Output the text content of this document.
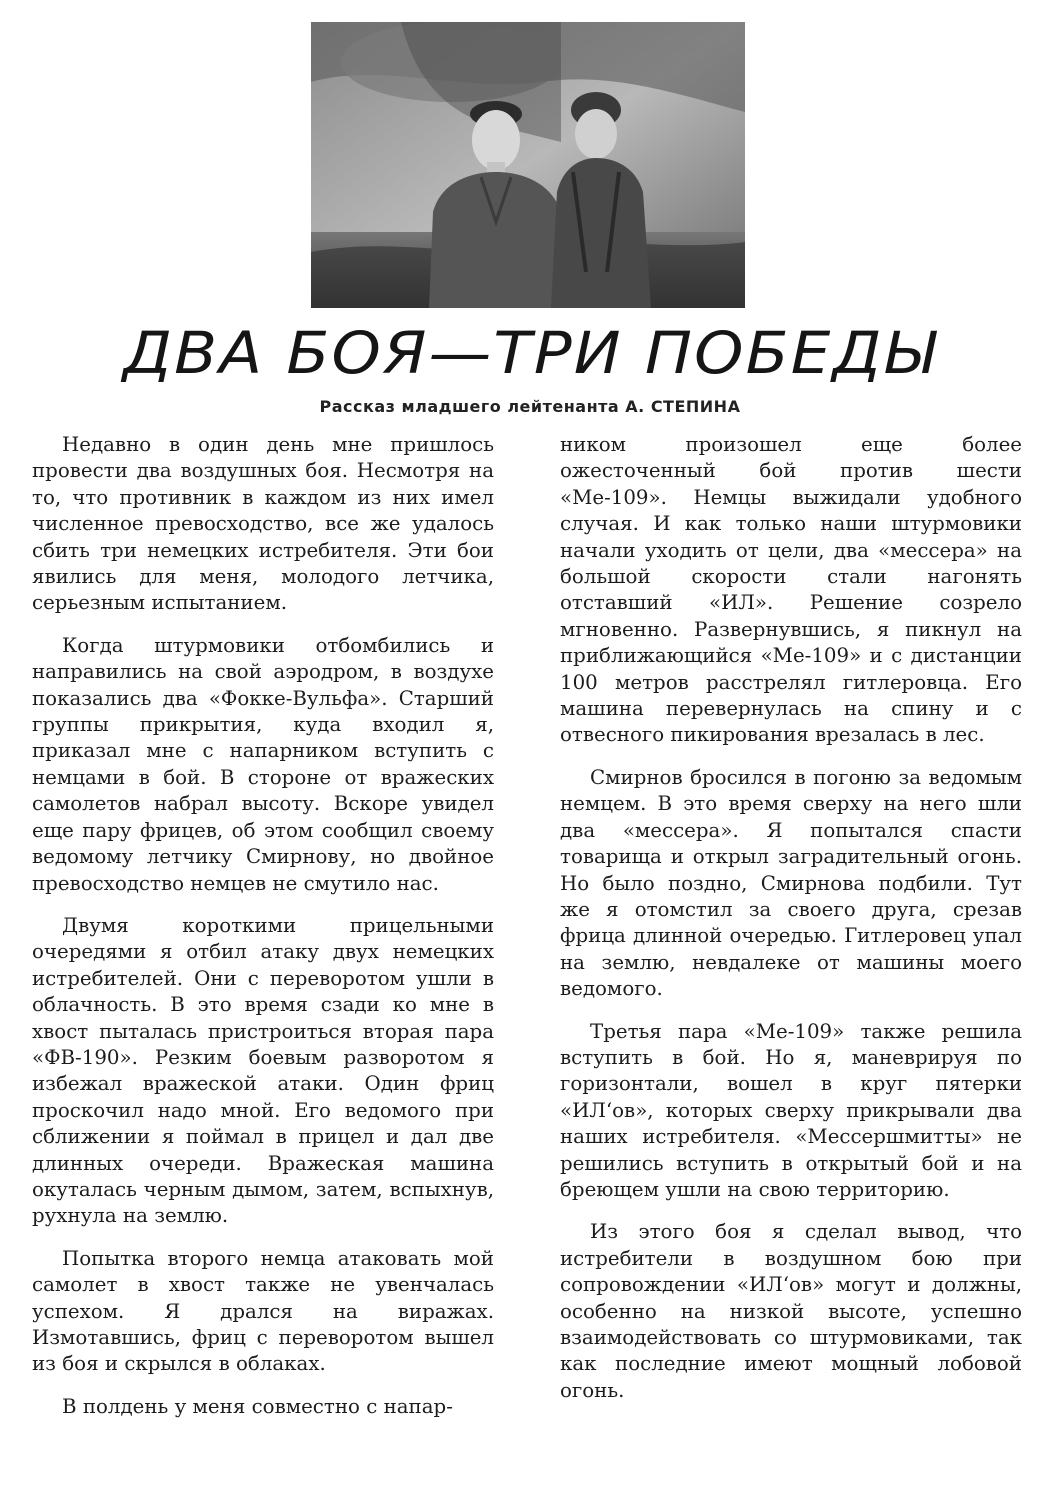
ДВА БОЯ—ТРИ ПОБЕДЫ
Рассказ младшего лейтенанта А. СТЕПИНА

Недавно в один день мне пришлось провести два воздушных боя. Несмотря на то, что противник в каждом из них имел численное превосходство, все же удалось сбить три немецких истребителя. Эти бои явились для меня, молодого летчика, серьезным испытанием.

Когда штурмовики отбомбились и направились на свой аэродром, в воздухе показались два «Фокке-Вульфа». Старший группы прикрытия, куда входил я, приказал мне с напарником вступить с немцами в бой. В стороне от вражеских самолетов набрал высоту. Вскоре увидел еще пару фрицев, об этом сообщил своему ведомому летчику Смирнову, но двойное превосходство немцев не смутило нас.

Двумя короткими прицельными очередями я отбил атаку двух немецких истребителей. Они с переворотом ушли в облачность. В это время сзади ко мне в хвост пыталась пристроиться вторая пара «ФВ-190». Резким боевым разворотом я избежал вражеской атаки. Один фриц проскочил надо мной. Его ведомого при сближении я поймал в прицел и дал две длинных очереди. Вражеская машина окуталась черным дымом, затем, вспыхнув, рухнула на землю.

Попытка второго немца атаковать мой самолет в хвост также не увенчалась успехом. Я дрался на виражах. Измотавшись, фриц с переворотом вышел из боя и скрылся в облаках.

В полдень у меня совместно с напар-

ником произошел еще более ожесточенный бой против шести «Ме-109». Немцы выжидали удобного случая. И как только наши штурмовики начали уходить от цели, два «мессера» на большой скорости стали нагонять отставший «ИЛ». Решение созрело мгновенно. Развернувшись, я пикнул на приближающийся «Ме-109» и с дистанции 100 метров расстрелял гитлеровца. Его машина перевернулась на спину и с отвесного пикирования врезалась в лес.

Смирнов бросился в погоню за ведомым немцем. В это время сверху на него шли два «мессера». Я попытался спасти товарища и открыл заградительный огонь. Но было поздно, Смирнова подбили. Тут же я отомстил за своего друга, срезав фрица длинной очередью. Гитлеровец упал на землю, невдалеке от машины моего ведомого.

Третья пара «Ме-109» также решила вступить в бой. Но я, маневрируя по горизонтали, вошел в круг пятерки «ИЛ‘ов», которых сверху прикрывали два наших истребителя. «Мессершмитты» не решились вступить в открытый бой и на бреющем ушли на свою территорию.

Из этого боя я сделал вывод, что истребители в воздушном бою при сопровождении «ИЛ‘ов» могут и должны, особенно на низкой высоте, успешно взаимодействовать со штурмовиками, так как последние имеют мощный лобовой огонь.
